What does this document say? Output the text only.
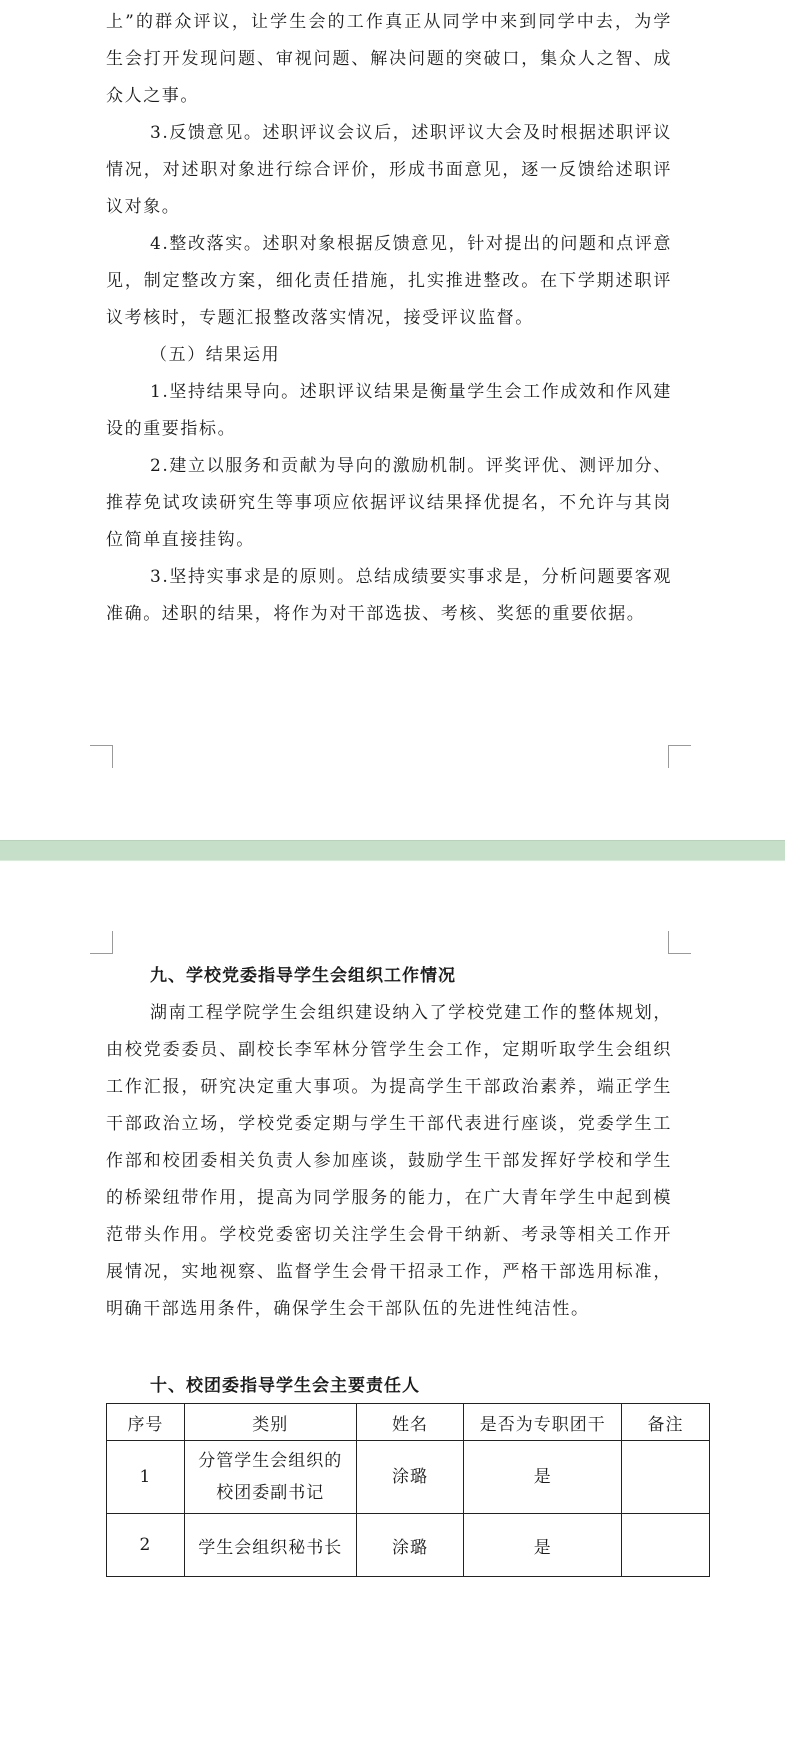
上”的群众评议，让学生会的工作真正从同学中来到同学中去，为学生会打开发现问题、审视问题、解决问题的突破口，集众人之智、成众人之事。

3.反馈意见。述职评议会议后，述职评议大会及时根据述职评议情况，对述职对象进行综合评价，形成书面意见，逐一反馈给述职评议对象。

4.整改落实。述职对象根据反馈意见，针对提出的问题和点评意见，制定整改方案，细化责任措施，扎实推进整改。在下学期述职评议考核时，专题汇报整改落实情况，接受评议监督。

（五）结果运用

1.坚持结果导向。述职评议结果是衡量学生会工作成效和作风建设的重要指标。

2.建立以服务和贡献为导向的激励机制。评奖评优、测评加分、推荐免试攻读研究生等事项应依据评议结果择优提名，不允许与其岗位简单直接挂钩。

3.坚持实事求是的原则。总结成绩要实事求是，分析问题要客观准确。述职的结果，将作为对干部选拔、考核、奖惩的重要依据。

九、学校党委指导学生会组织工作情况

湖南工程学院学生会组织建设纳入了学校党建工作的整体规划，由校党委委员、副校长李军林分管学生会工作，定期听取学生会组织工作汇报，研究决定重大事项。为提高学生干部政治素养，端正学生干部政治立场，学校党委定期与学生干部代表进行座谈，党委学生工作部和校团委相关负责人参加座谈，鼓励学生干部发挥好学校和学生的桥梁纽带作用，提高为同学服务的能力，在广大青年学生中起到模范带头作用。学校党委密切关注学生会骨干纳新、考录等相关工作开展情况，实地视察、监督学生会骨干招录工作，严格干部选用标准，明确干部选用条件，确保学生会干部队伍的先进性纯洁性。

十、校团委指导学生会主要责任人

序号	类别	姓名	是否为专职团干	备注
1	分管学生会组织的
校团委副书记	涂璐	是	
2	学生会组织秘书长	涂璐	是	
